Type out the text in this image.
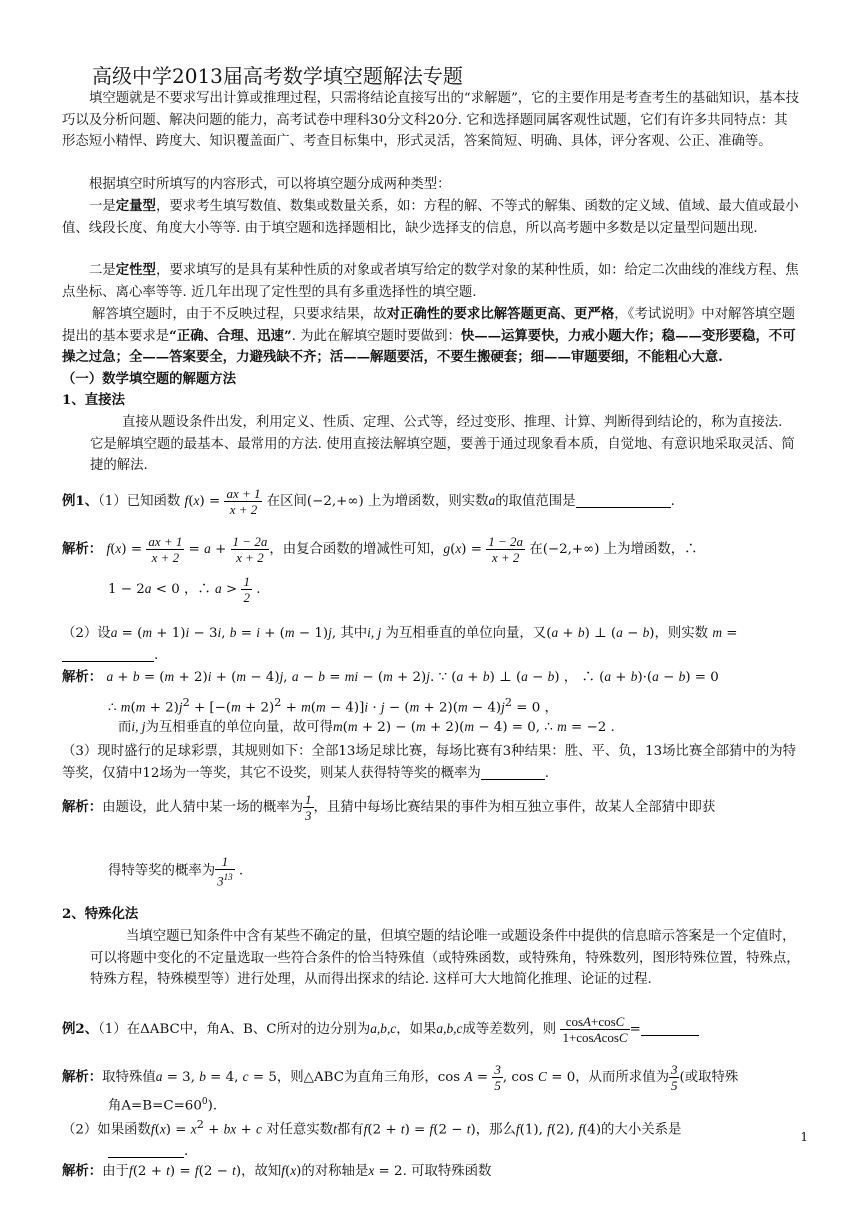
高级中学2013届高考数学填空题解法专题

填空题就是不要求写出计算或推理过程，只需将结论直接写出的“求解题”，它的主要作用是考查考生的基础知识，基本技巧以及分析问题、解决问题的能力，高考试卷中理科30分文科20分. 它和选择题同属客观性试题，它们有许多共同特点：其形态短小精悍、跨度大、知识覆盖面广、考查目标集中，形式灵活，答案简短、明确、具体，评分客观、公正、准确等。

根据填空时所填写的内容形式，可以将填空题分成两种类型：

一是定量型，要求考生填写数值、数集或数量关系，如：方程的解、不等式的解集、函数的定义域、值域、最大值或最小值、线段长度、角度大小等等. 由于填空题和选择题相比，缺少选择支的信息，所以高考题中多数是以定量型问题出现.

二是定性型，要求填写的是具有某种性质的对象或者填写给定的数学对象的某种性质，如：给定二次曲线的准线方程、焦点坐标、离心率等等. 近几年出现了定性型的具有多重选择性的填空题.

解答填空题时，由于不反映过程，只要求结果，故对正确性的要求比解答题更高、更严格，《考试说明》中对解答填空题提出的基本要求是“正确、合理、迅速”. 为此在解填空题时要做到：快——运算要快，力戒小题大作；稳——变形要稳，不可操之过急；全——答案要全，力避残缺不齐；活——解题要活，不要生搬硬套；细——审题要细，不能粗心大意.

（一）数学填空题的解题方法

1、直接法

直接从题设条件出发，利用定义、性质、定理、公式等，经过变形、推理、计算、判断得到结论的，称为直接法. 它是解填空题的最基本、最常用的方法. 使用直接法解填空题，要善于通过现象看本质，自觉地、有意识地采取灵活、简捷的解法.

例1、（1）已知函数 $f(x) = \frac{ax + 1}{x + 2}$ 在区间(−2,+∞) 上为增函数，则实数a的取值范围是	.

解析： $f(x) = \frac{ax + 1}{x + 2} = a + \frac{1 - 2a}{x + 2}$ ，由复合函数的增减性可知，$g(x) = \frac{1 - 2a}{x + 2}$ 在(−2,+∞) 上为增函数，∴

1 − 2a < 0 ，∴ $a > \frac{1}{2}$ .

（2）设a = (m + 1)i − 3i, b = i + (m − 1)j, 其中i, j 为互相垂直的单位向量，又(a + b) ⊥ (a − b)，则实数 m = .

解析： a + b = (m + 2)i + (m − 4)j, a − b = mi − (m + 2)j. ∵ (a + b) ⊥ (a − b) ， ∴ (a + b)·(a − b) = 0

∴ $m(m + 2)j^2 + [-(m + 2)^2 + m(m - 4)]i \cdot j - (m + 2)(m - 4)j^2 = 0$ ，

而i, j为互相垂直的单位向量，故可得m(m + 2) − (m + 2)(m − 4) = 0, ∴ m = −2 .

（3）现时盛行的足球彩票，其规则如下：全部13场足球比赛，每场比赛有3种结果：胜、平、负，13场比赛全部猜中的为特等奖，仅猜中12场为一等奖，其它不设奖，则某人获得特等奖的概率为	.

解析：由题设，此人猜中某一场的概率为 $\frac{1}{3}$ ，且猜中每场比赛结果的事件为相互独立事件，故某人全部猜中即获

得特等奖的概率为 $\frac{1}{3^{13}}$ .

2、特殊化法

当填空题已知条件中含有某些不确定的量，但填空题的结论唯一或题设条件中提供的信息暗示答案是一个定值时，可以将题中变化的不定量选取一些符合条件的恰当特殊值（或特殊函数，或特殊角，特殊数列，图形特殊位置，特殊点，特殊方程，特殊模型等）进行处理，从而得出探求的结论. 这样可大大地简化推理、论证的过程.

例2、（1）在ΔABC中，角A、B、C所对的边分别为a,b,c，如果a,b,c成等差数列，则 $\frac{\cos A+\cos C}{\text{1+cosAcosC}}$ =

解析：取特殊值a = 3, b = 4, c = 5，则△ABC为直角三角形，$\cos A = \frac{3}{5}$ , cos C = 0，从而所求值为 $\frac{3}{5}$ (或取特殊

角$A=B=C=60^0$).

（2）如果函数$f(x) = x^2$ + bx + c 对任意实数t都有f(2 + t) = f(2 − t)，那么f(1), f(2), f(4)的大小关系是
.

解析：由于f(2 + t) = f(2 − t)，故知f(x)的对称轴是x = 2. 可取特殊函数

1
